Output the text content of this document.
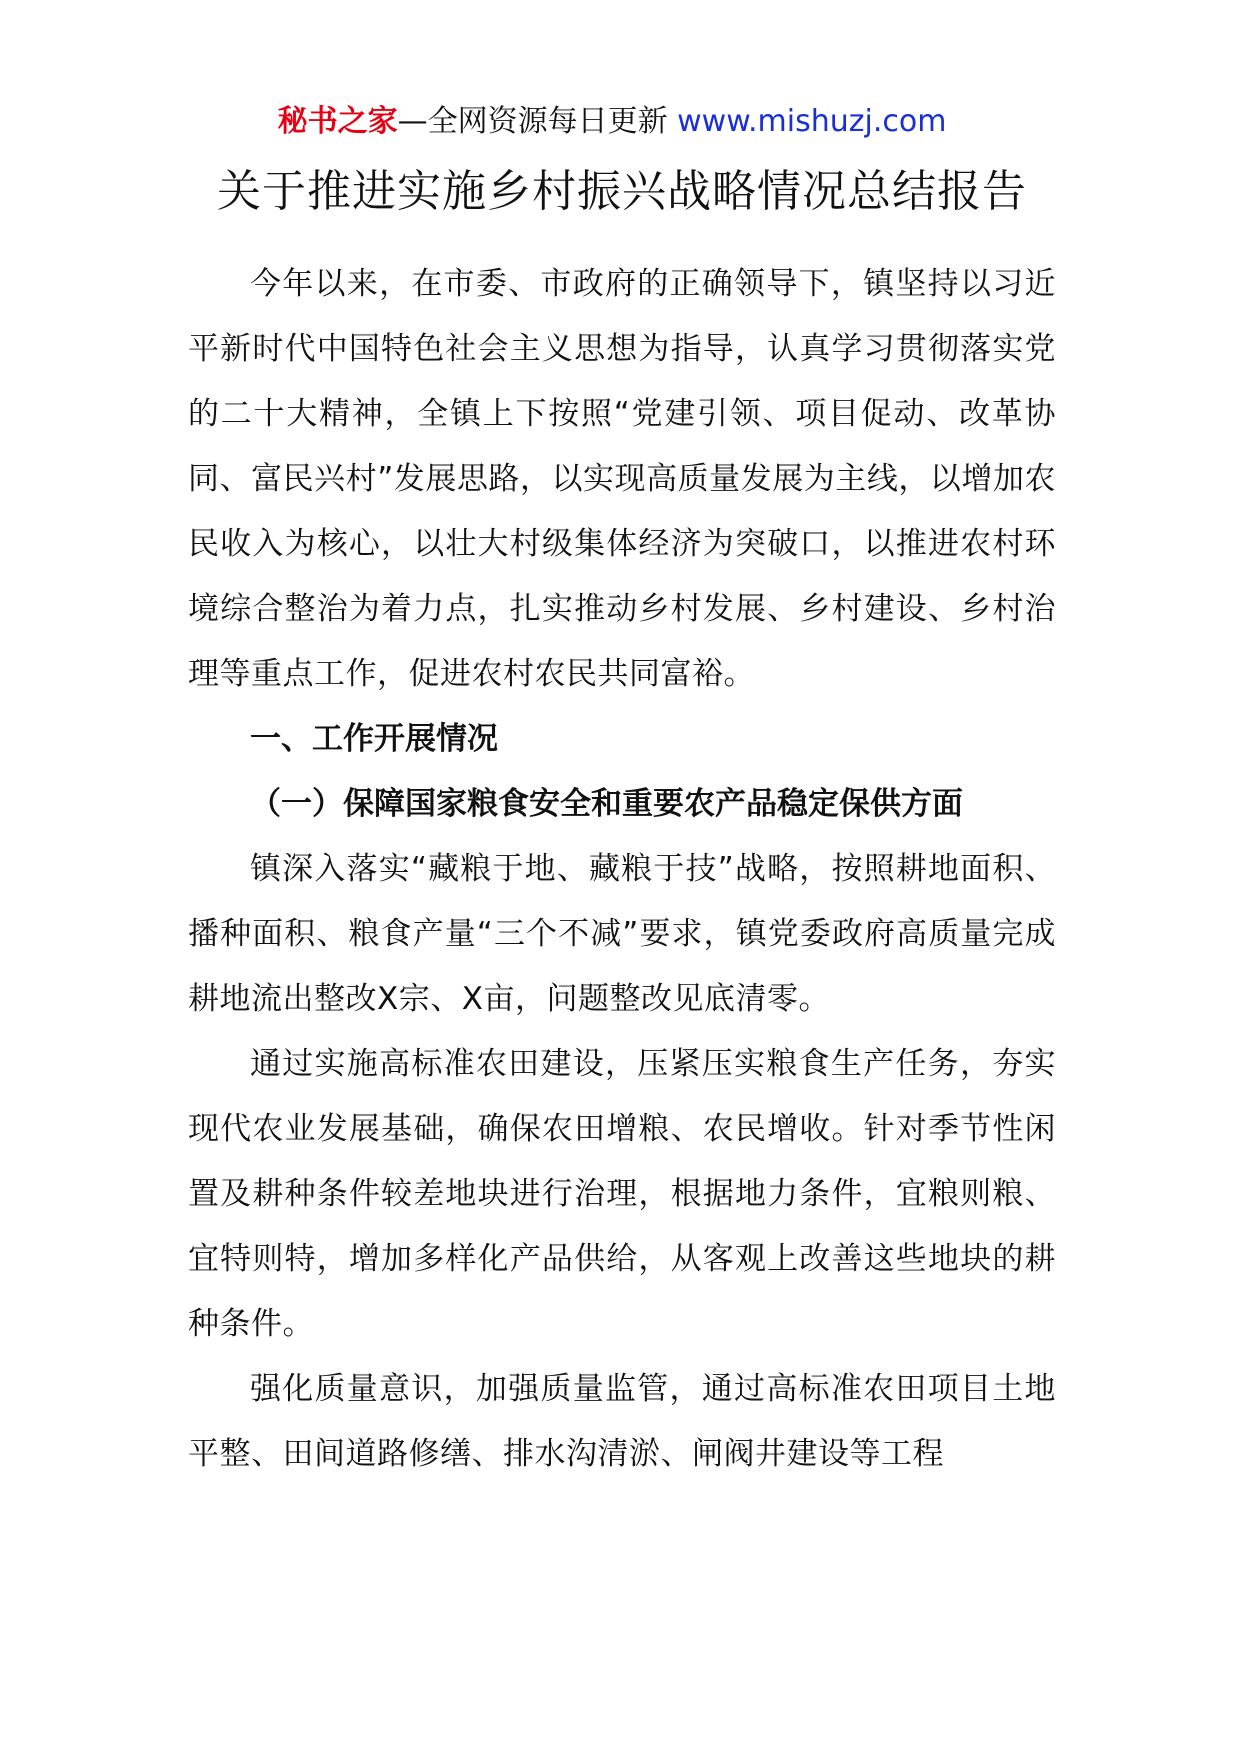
秘书之家—全网资源每日更新 www.mishuzj.com
关于推进实施乡村振兴战略情况总结报告

今年以来，在市委、市政府的正确领导下，镇坚持以习近平新时代中国特色社会主义思想为指导，认真学习贯彻落实党的二十大精神，全镇上下按照“党建引领、项目促动、改革协同、富民兴村”发展思路，以实现高质量发展为主线，以增加农民收入为核心，以壮大村级集体经济为突破口，以推进农村环境综合整治为着力点，扎实推动乡村发展、乡村建设、乡村治理等重点工作，促进农村农民共同富裕。

一、工作开展情况

（一）保障国家粮食安全和重要农产品稳定保供方面

镇深入落实“藏粮于地、藏粮于技”战略，按照耕地面积、播种面积、粮食产量“三个不减”要求，镇党委政府高质量完成耕地流出整改X宗、X亩，问题整改见底清零。

通过实施高标准农田建设，压紧压实粮食生产任务，夯实现代农业发展基础，确保农田增粮、农民增收。针对季节性闲置及耕种条件较差地块进行治理，根据地力条件，宜粮则粮、宜特则特，增加多样化产品供给，从客观上改善这些地块的耕种条件。

强化质量意识，加强质量监管，通过高标准农田项目土地平整、田间道路修缮、排水沟清淤、闸阀井建设等工程
